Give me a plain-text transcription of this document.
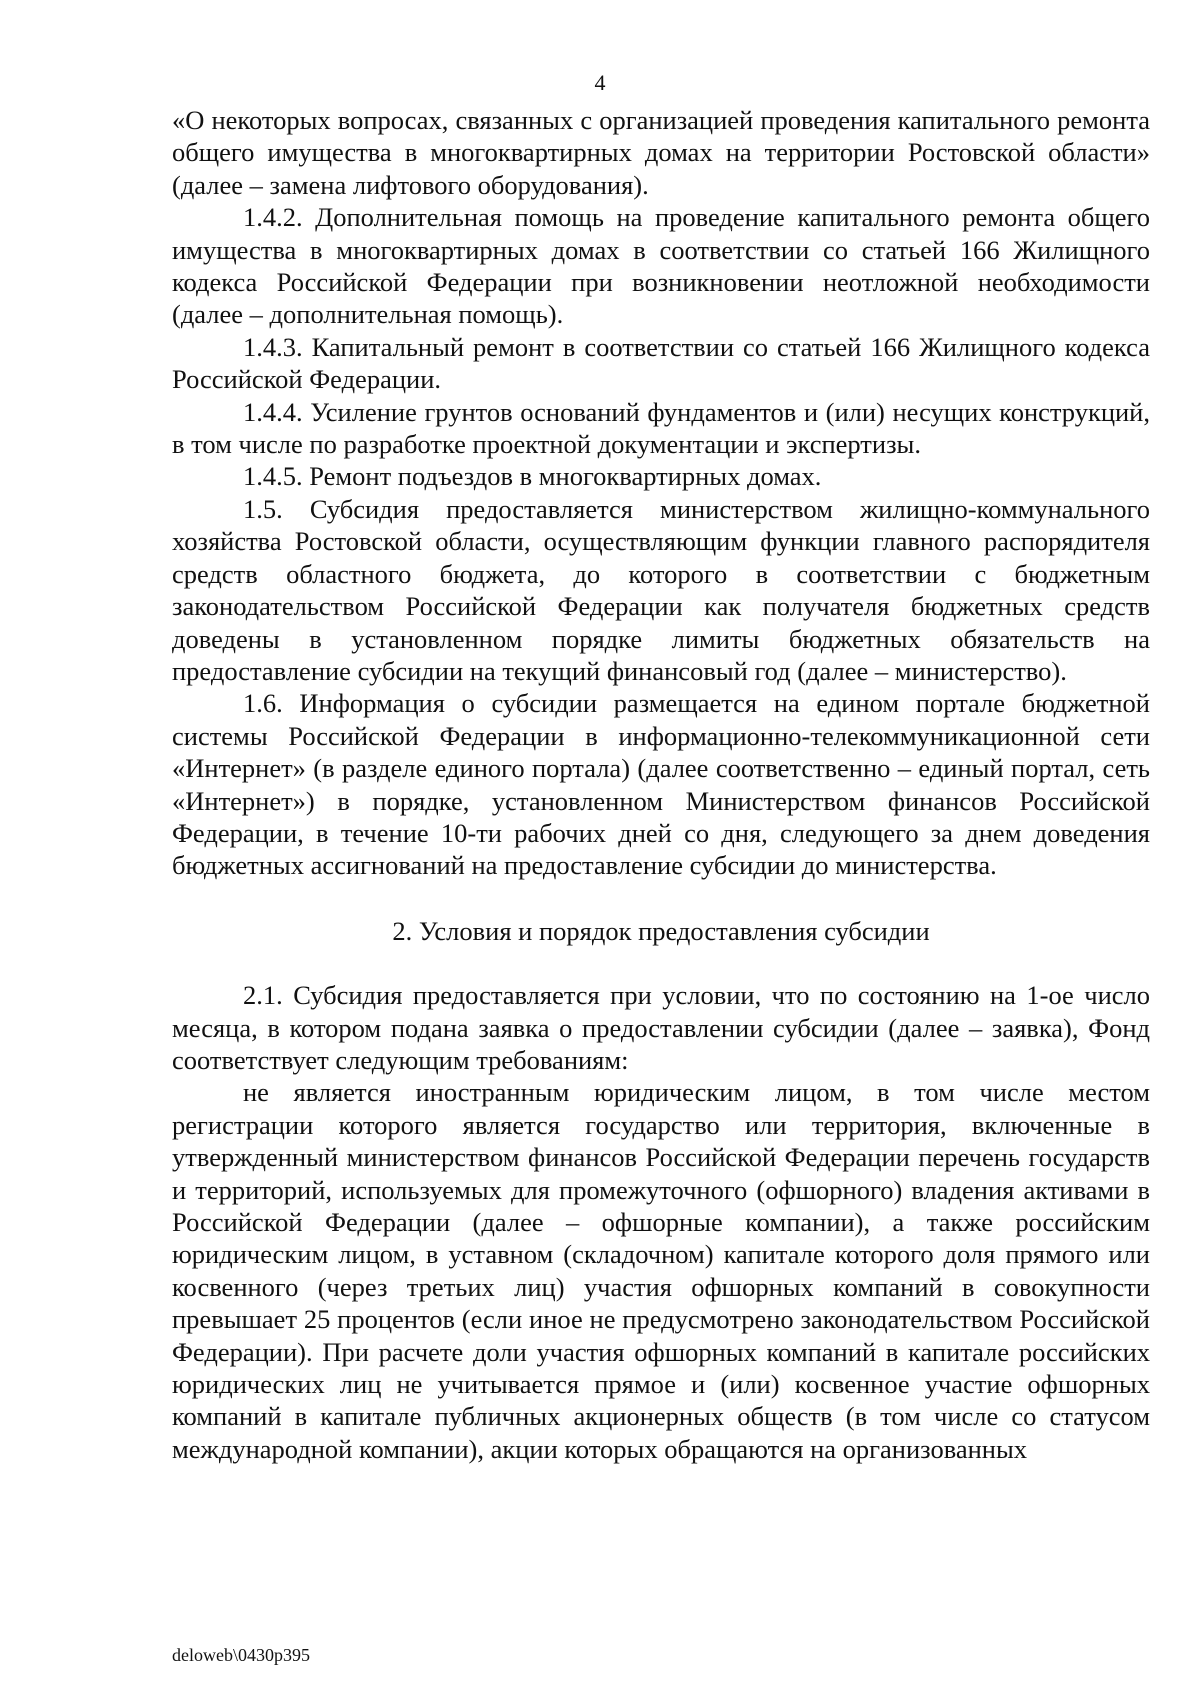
4

«О некоторых вопросах, связанных с организацией проведения капитального ремонта общего имущества в многоквартирных домах на территории Ростовской области» (далее – замена лифтового оборудования).

1.4.2. Дополнительная помощь на проведение капитального ремонта общего имущества в многоквартирных домах в соответствии со статьей 166 Жилищного кодекса Российской Федерации при возникновении неотложной необходимости (далее – дополнительная помощь).

1.4.3. Капитальный ремонт в соответствии со статьей 166 Жилищного кодекса Российской Федерации.

1.4.4. Усиление грунтов оснований фундаментов и (или) несущих конструкций, в том числе по разработке проектной документации и экспертизы.

1.4.5. Ремонт подъездов в многоквартирных домах.

1.5. Субсидия предоставляется министерством жилищно-коммунального хозяйства Ростовской области, осуществляющим функции главного распорядителя средств областного бюджета, до которого в соответствии с бюджетным законодательством Российской Федерации как получателя бюджетных средств доведены в установленном порядке лимиты бюджетных обязательств на предоставление субсидии на текущий финансовый год (далее – министерство).

1.6. Информация о субсидии размещается на едином портале бюджетной системы Российской Федерации в информационно-телекоммуникационной сети «Интернет» (в разделе единого портала) (далее соответственно – единый портал, сеть «Интернет») в порядке, установленном Министерством финансов Российской Федерации, в течение 10-ти рабочих дней со дня, следующего за днем доведения бюджетных ассигнований на предоставление субсидии до министерства.

2. Условия и порядок предоставления субсидии

2.1. Субсидия предоставляется при условии, что по состоянию на 1-ое число месяца, в котором подана заявка о предоставлении субсидии (далее – заявка), Фонд соответствует следующим требованиям:

не является иностранным юридическим лицом, в том числе местом регистрации которого является государство или территория, включенные в утвержденный министерством финансов Российской Федерации перечень государств и территорий, используемых для промежуточного (офшорного) владения активами в Российской Федерации (далее – офшорные компании), а также российским юридическим лицом, в уставном (складочном) капитале которого доля прямого или косвенного (через третьих лиц) участия офшорных компаний в совокупности превышает 25 процентов (если иное не предусмотрено законодательством Российской Федерации). При расчете доли участия офшорных компаний в капитале российских юридических лиц не учитывается прямое и (или) косвенное участие офшорных компаний в капитале публичных акционерных обществ (в том числе со статусом международной компании), акции которых обращаются на организованных

deloweb\0430p395
